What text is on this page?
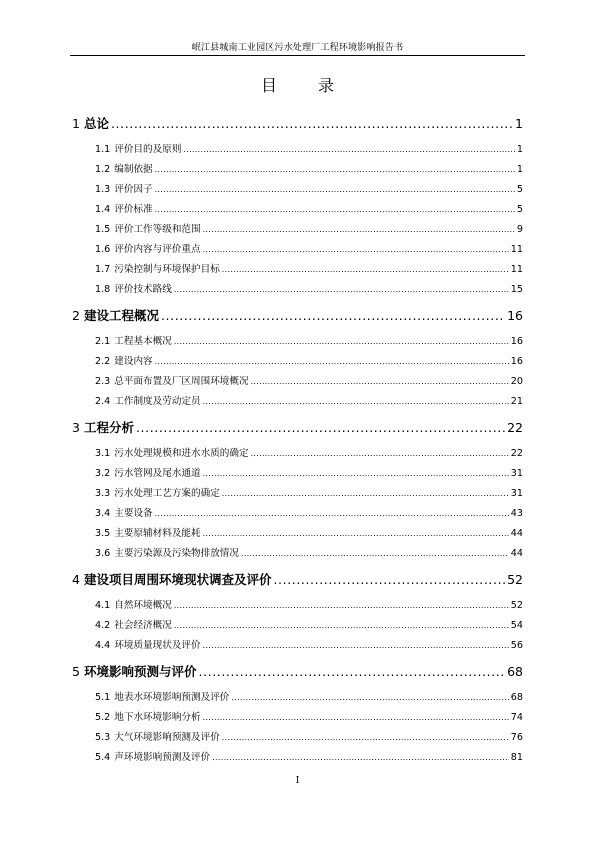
岷江县城南工业园区污水处理厂工程环境影响报告书
目 录
1 总论 .....	1
1.1 评价目的及原则 .....	1
1.2 编制依据 .....	1
1.3 评价因子 .....	5
1.4 评价标准 .....	5
1.5 评价工作等级和范围 .....	9
1.6 评价内容与评价重点 .....	11
1.7 污染控制与环境保护目标 .....	11
1.8 评价技术路线 .....	15
2 建设工程概况 .....	16
2.1 工程基本概况 .....	16
2.2 建设内容 .....	16
2.3 总平面布置及厂区周围环境概况 .....	20
2.4 工作制度及劳动定员 .....	21
3 工程分析 .....	22
3.1 污水处理规模和进水水质的确定 .....	22
3.2 污水管网及尾水通道 .....	31
3.3 污水处理工艺方案的确定 .....	31
3.4 主要设备 .....	43
3.5 主要原辅材料及能耗 .....	44
3.6 主要污染源及污染物排放情况 .....	44
4 建设项目周围环境现状调查及评价 .....	52
4.1 自然环境概况 .....	52
4.2 社会经济概况 .....	54
4.4 环境质量现状及评价 .....	56
5 环境影响预测与评价 .....	68
5.1 地表水环境影响预测及评价 .....	68
5.2 地下水环境影响分析 .....	74
5.3 大气环境影响预测及评价 .....	76
5.4 声环境影响预测及评价 .....	81
I
